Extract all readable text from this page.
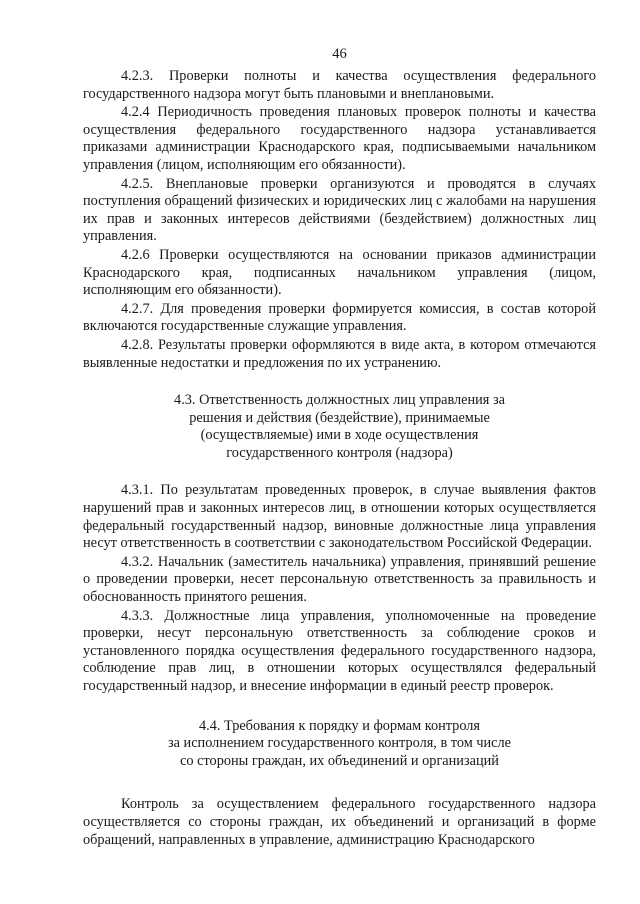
46

4.2.3. Проверки полноты и качества осуществления федерального государственного надзора могут быть плановыми и внеплановыми.

4.2.4 Периодичность проведения плановых проверок полноты и качества осуществления федерального государственного надзора устанавливается приказами администрации Краснодарского края, подписываемыми начальником управления (лицом, исполняющим его обязанности).

4.2.5. Внеплановые проверки организуются и проводятся в случаях поступления обращений физических и юридических лиц с жалобами на нарушения их прав и законных интересов действиями (бездействием) должностных лиц управления.

4.2.6 Проверки осуществляются на основании приказов администрации Краснодарского края, подписанных начальником управления (лицом, исполняющим его обязанности).

4.2.7. Для проведения проверки формируется комиссия, в состав которой включаются государственные служащие управления.

4.2.8. Результаты проверки оформляются в виде акта, в котором отмечаются выявленные недостатки и предложения по их устранению.

4.3. Ответственность должностных лиц управления за
решения и действия (бездействие), принимаемые
(осуществляемые) ими в ходе осуществления
государственного контроля (надзора)

4.3.1. По результатам проведенных проверок, в случае выявления фактов нарушений прав и законных интересов лиц, в отношении которых осуществляется федеральный государственный надзор, виновные должностные лица управления несут ответственность в соответствии с законодательством Российской Федерации.

4.3.2. Начальник (заместитель начальника) управления, принявший решение о проведении проверки, несет персональную ответственность за правильность и обоснованность принятого решения.

4.3.3. Должностные лица управления, уполномоченные на проведение проверки, несут персональную ответственность за соблюдение сроков и установленного порядка осуществления федерального государственного надзора, соблюдение прав лиц, в отношении которых осуществлялся федеральный государственный надзор, и внесение информации в единый реестр проверок.

4.4. Требования к порядку и формам контроля
за исполнением государственного контроля, в том числе
со стороны граждан, их объединений и организаций

Контроль за осуществлением федерального государственного надзора осуществляется со стороны граждан, их объединений и организаций в форме обращений, направленных в управление, администрацию Краснодарского
